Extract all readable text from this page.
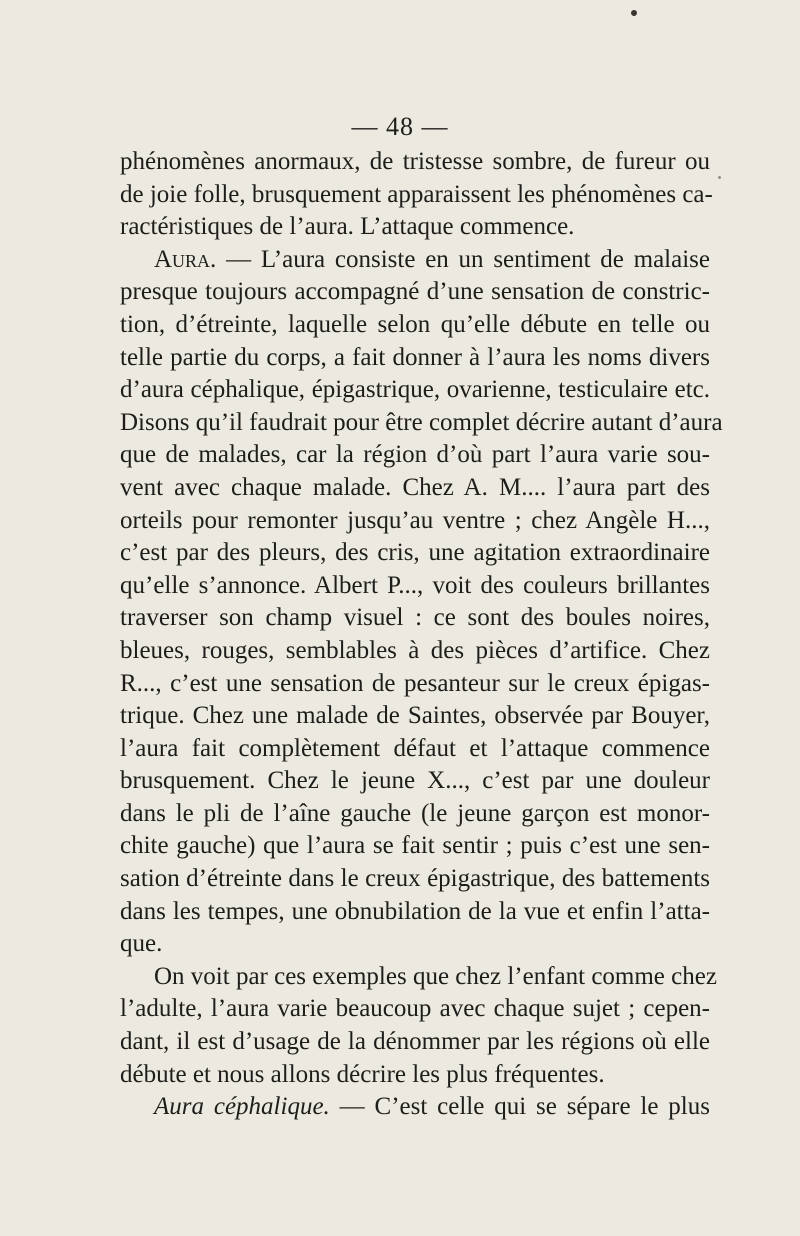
— 48 —
phénomènes anormaux, de tristesse sombre, de fureur ou
de joie folle, brusquement apparaissent les phénomènes ca-
ractéristiques de l’aura. L’attaque commence.
Aura. — L’aura consiste en un sentiment de malaise
presque toujours accompagné d’une sensation de constric-
tion, d’étreinte, laquelle selon qu’elle débute en telle ou
telle partie du corps, a fait donner à l’aura les noms divers
d’aura céphalique, épigastrique, ovarienne, testiculaire etc.
Disons qu’il faudrait pour être complet décrire autant d’aura
que de malades, car la région d’où part l’aura varie sou-
vent avec chaque malade. Chez A. M.... l’aura part des
orteils pour remonter jusqu’au ventre ; chez Angèle H...,
c’est par des pleurs, des cris, une agitation extraordinaire
qu’elle s’annonce. Albert P..., voit des couleurs brillantes
traverser son champ visuel : ce sont des boules noires,
bleues, rouges, semblables à des pièces d’artifice. Chez
R..., c’est une sensation de pesanteur sur le creux épigas-
trique. Chez une malade de Saintes, observée par Bouyer,
l’aura fait complètement défaut et l’attaque commence
brusquement. Chez le jeune X..., c’est par une douleur
dans le pli de l’aîne gauche (le jeune garçon est monor-
chite gauche) que l’aura se fait sentir ; puis c’est une sen-
sation d’étreinte dans le creux épigastrique, des battements
dans les tempes, une obnubilation de la vue et enfin l’atta-
que.
On voit par ces exemples que chez l’enfant comme chez
l’adulte, l’aura varie beaucoup avec chaque sujet ; cepen-
dant, il est d’usage de la dénommer par les régions où elle
débute et nous allons décrire les plus fréquentes.
Aura céphalique. — C’est celle qui se sépare le plus
